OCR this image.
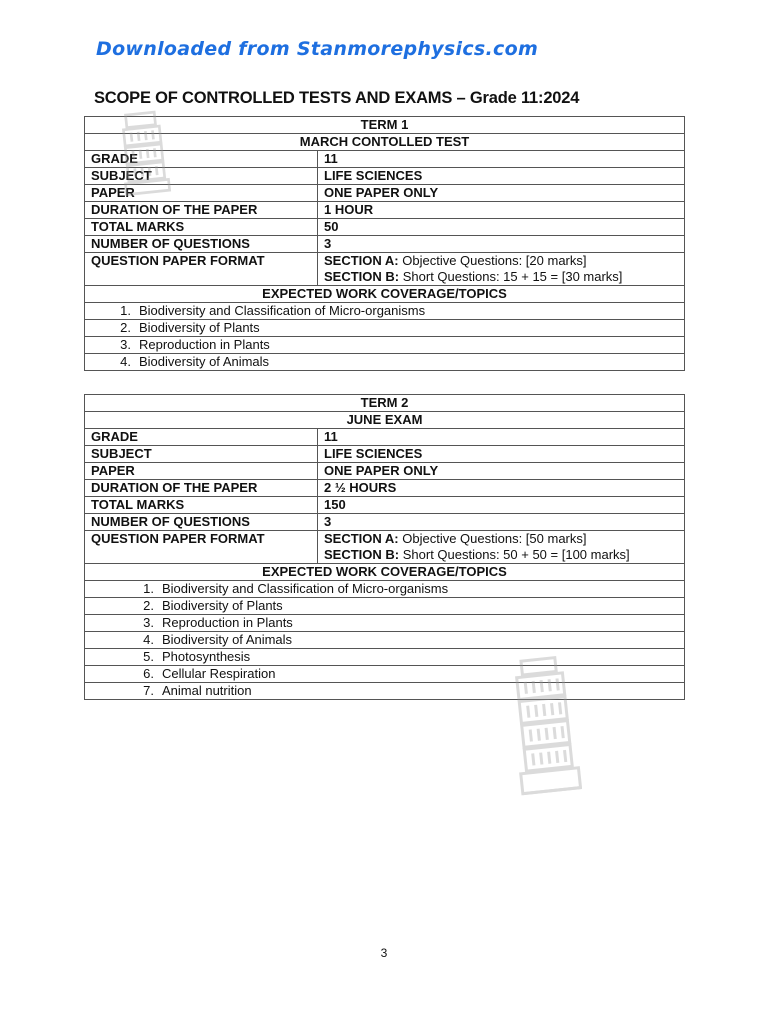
Downloaded from Stanmorephysics.com
SCOPE OF CONTROLLED TESTS AND EXAMS – Grade 11:2024
TERM 1	
MARCH CONTOLLED TEST	
GRADE	11
SUBJECT	LIFE SCIENCES
PAPER	ONE PAPER ONLY
DURATION OF THE PAPER	1 HOUR
TOTAL MARKS	50
NUMBER OF QUESTIONS	3
QUESTION PAPER FORMAT	SECTION A: Objective Questions: [20 marks]
SECTION B: Short Questions: 15 + 15 = [30 marks]

EXPECTED WORK COVERAGE/TOPICS	
1. Biodiversity and Classification of Micro-organisms	
2. Biodiversity of Plants	
3. Reproduction in Plants	
4. Biodiversity of Animals	
TERM 2	
JUNE EXAM	
GRADE	11
SUBJECT	LIFE SCIENCES
PAPER	ONE PAPER ONLY
DURATION OF THE PAPER	2 ½ HOURS
TOTAL MARKS	150
NUMBER OF QUESTIONS	3
QUESTION PAPER FORMAT	SECTION A: Objective Questions: [50 marks]
SECTION B: Short Questions: 50 + 50 = [100 marks]

EXPECTED WORK COVERAGE/TOPICS	
1. Biodiversity and Classification of Micro-organisms	
2. Biodiversity of Plants	
3. Reproduction in Plants	
4. Biodiversity of Animals	
5. Photosynthesis	
6. Cellular Respiration	
7. Animal nutrition	
3
